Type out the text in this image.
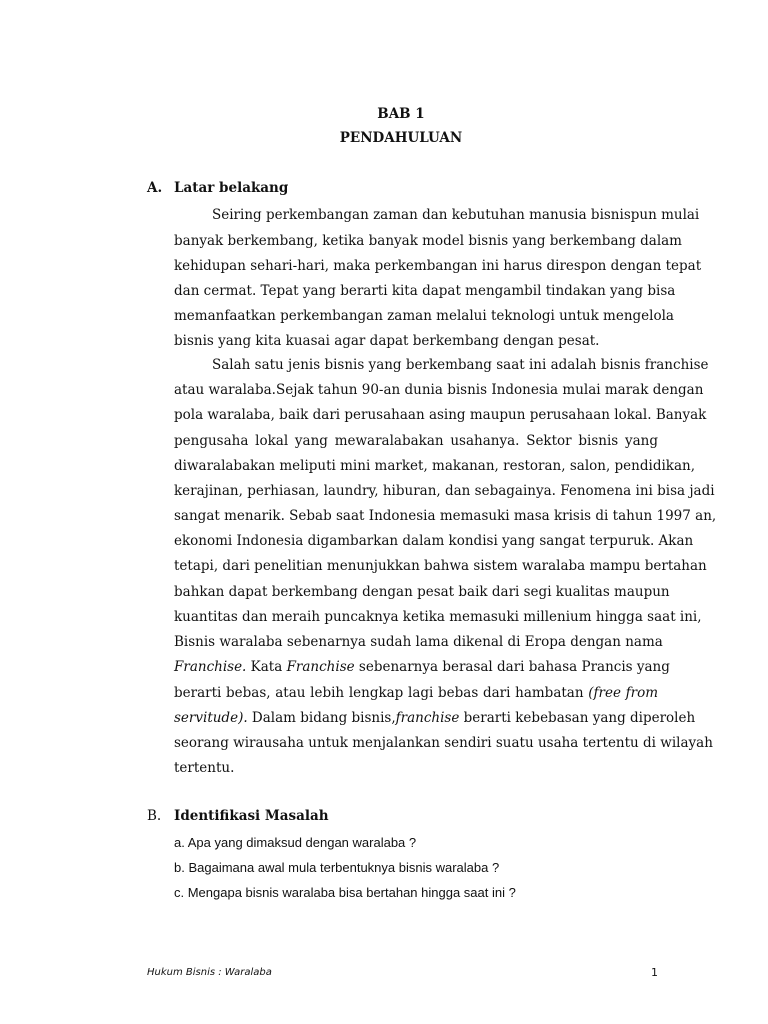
BAB 1
PENDAHULUAN
A. Latar belakang
Seiring perkembangan zaman dan kebutuhan manusia bisnispun mulai
banyak berkembang, ketika banyak model bisnis yang berkembang dalam
kehidupan sehari-hari, maka perkembangan ini harus direspon dengan tepat
dan cermat. Tepat yang berarti kita dapat mengambil tindakan yang bisa
memanfaatkan perkembangan zaman melalui teknologi untuk mengelola
bisnis yang kita kuasai agar dapat berkembang dengan pesat.
Salah satu jenis bisnis yang berkembang saat ini adalah bisnis franchise
atau waralaba.Sejak tahun 90-an dunia bisnis Indonesia mulai marak dengan
pola waralaba, baik dari perusahaan asing maupun perusahaan lokal. Banyak
pengusaha lokal yang mewaralabakan usahanya. Sektor bisnis yang
diwaralabakan meliputi mini market, makanan, restoran, salon, pendidikan,
kerajinan, perhiasan, laundry, hiburan, dan sebagainya. Fenomena ini bisa jadi
sangat menarik. Sebab saat Indonesia memasuki masa krisis di tahun 1997 an,
ekonomi Indonesia digambarkan dalam kondisi yang sangat terpuruk. Akan
tetapi, dari penelitian menunjukkan bahwa sistem waralaba mampu bertahan
bahkan dapat berkembang dengan pesat baik dari segi kualitas maupun
kuantitas dan meraih puncaknya ketika memasuki millenium hingga saat ini,
Bisnis waralaba sebenarnya sudah lama dikenal di Eropa dengan nama
Franchise. Kata Franchise sebenarnya berasal dari bahasa Prancis yang
berarti bebas, atau lebih lengkap lagi bebas dari hambatan (free from
servitude). Dalam bidang bisnis,franchise berarti kebebasan yang diperoleh
seorang wirausaha untuk menjalankan sendiri suatu usaha tertentu di wilayah
tertentu.
B. Identifikasi Masalah
a. Apa yang dimaksud dengan waralaba ?
b. Bagaimana awal mula terbentuknya bisnis waralaba ?
c. Mengapa bisnis waralaba bisa bertahan hingga saat ini ?
Hukum Bisnis : Waralaba	1
